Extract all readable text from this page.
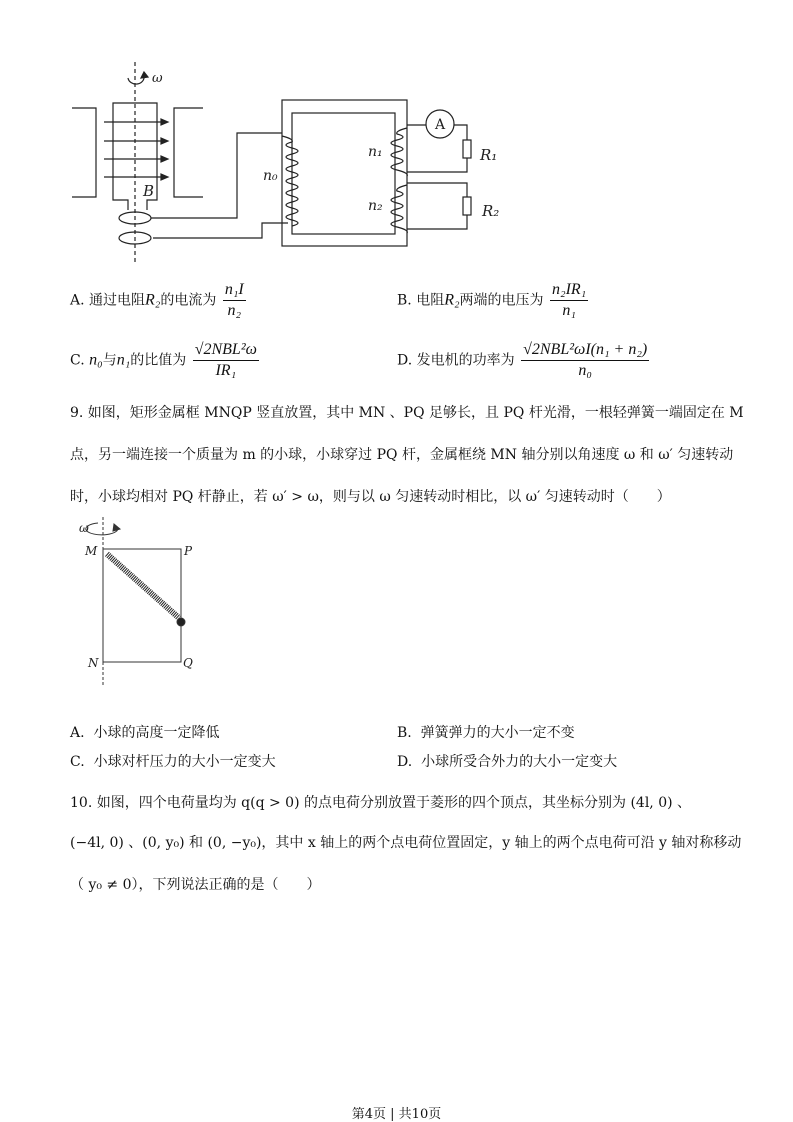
ω
B
n₀
n₁
n₂
A
R₁
R₂
A. 通过电阻R₂的电流为 $\frac{\text{n₁I}}{\text{n₂}}$	B. 电阻R₂两端的电压为 $\frac{\text{n₂IR₁}}{\text{n₁}}$
C. n₀与n₁的比值为 $\frac{\text{√2NBL²ω}}{\text{IR₁}}$	D. 发电机的功率为 $\frac{\text{√2NBL²ωI(n₁ + n₂)}}{\text{n₀}}$
9. 如图，矩形金属框 MNQP 竖直放置，其中 MN 、PQ 足够长，且 PQ 杆光滑，一根轻弹簧一端固定在 M
点，另一端连接一个质量为 m 的小球，小球穿过 PQ 杆，金属框绕 MN 轴分别以角速度 ω 和 ω′ 匀速转动
时，小球均相对 PQ 杆静止，若 ω′ > ω，则与以 ω 匀速转动时相比，以 ω′ 匀速转动时（　　）
ω
M	P
N	Q
A. 小球的高度一定降低	B. 弹簧弹力的大小一定不变
C. 小球对杆压力的大小一定变大	D. 小球所受合外力的大小一定变大
10. 如图，四个电荷量均为 q(q > 0) 的点电荷分别放置于菱形的四个顶点，其坐标分别为 (4l, 0) 、
(−4l, 0) 、(0, y₀) 和 (0, −y₀)，其中 x 轴上的两个点电荷位置固定，y 轴上的两个点电荷可沿 y 轴对称移动
（ y₀ ≠ 0），下列说法正确的是（　　）
第4页 | 共10页
